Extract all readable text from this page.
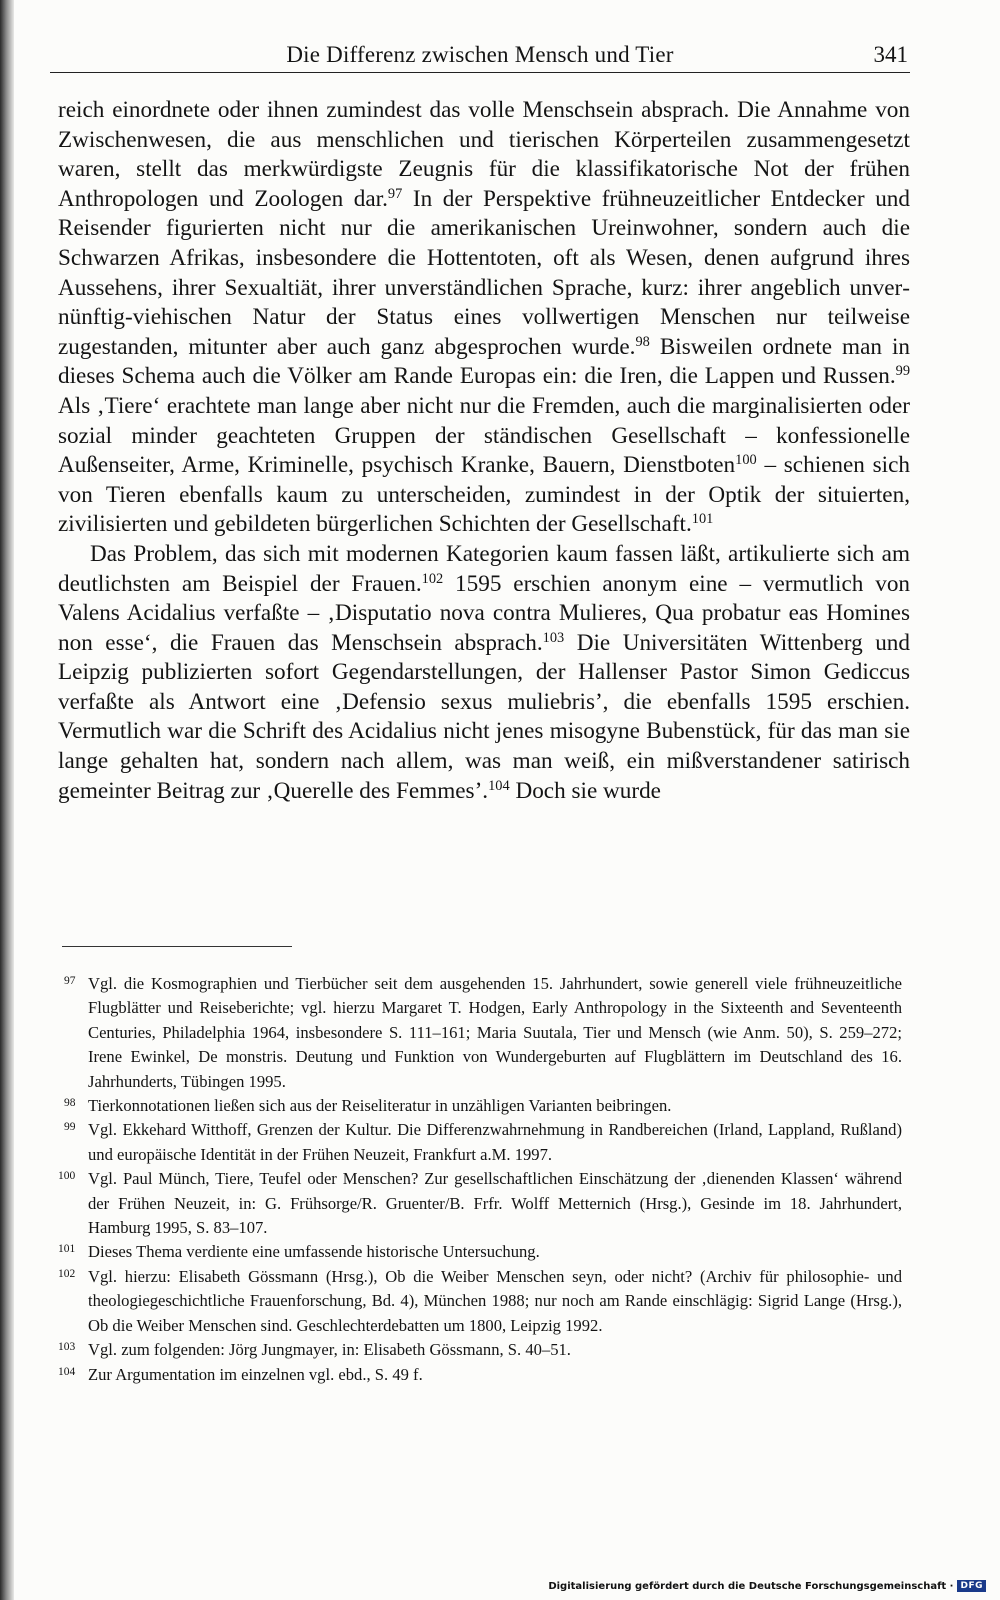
Die Differenz zwischen Mensch und Tier	341

reich einordnete oder ihnen zumindest das volle Menschsein absprach. Die Annahme von Zwischenwesen, die aus menschlichen und tierischen Körperteilen zusammengesetzt waren, stellt das merkwürdigste Zeugnis für die klassifikatorische Not der frühen Anthropologen und Zoologen dar.$^{97}$ In der Perspektive frühneuzeitlicher Entdecker und Reisender figurierten nicht nur die amerikanischen Ureinwohner, sondern auch die Schwarzen Afrikas, insbesondere die Hottentoten, oft als Wesen, denen aufgrund ihres Aussehens, ihrer Sexualtiät, ihrer unverständlichen Sprache, kurz: ihrer angeblich unvernünftig-viehischen Natur der Status eines vollwertigen Menschen nur teilweise zugestanden, mitunter aber auch ganz abgesprochen wurde.$^{98}$ Bisweilen ordnete man in dieses Schema auch die Völker am Rande Europas ein: die Iren, die Lappen und Russen.$^{99}$ Als ‚Tiere‘ erachtete man lange aber nicht nur die Fremden, auch die marginalisierten oder sozial minder geachteten Gruppen der ständischen Gesellschaft – konfessionelle Außenseiter, Arme, Kriminelle, psychisch Kranke, Bauern, Dienstboten$^{100}$ – schienen sich von Tieren ebenfalls kaum zu unterscheiden, zumindest in der Optik der situierten, zivilisierten und gebildeten bürgerlichen Schichten der Gesellschaft.$^{101}$

Das Problem, das sich mit modernen Kategorien kaum fassen läßt, artikulierte sich am deutlichsten am Beispiel der Frauen.$^{102}$ 1595 erschien anonym eine – vermutlich von Valens Acidalius verfaßte – ‚Disputatio nova contra Mulieres, Qua probatur eas Homines non esse‘, die Frauen das Menschsein absprach.$^{103}$ Die Universitäten Wittenberg und Leipzig publizierten sofort Gegendarstellungen, der Hallenser Pastor Simon Gediccus verfaßte als Antwort eine ‚Defensio sexus muliebris’, die ebenfalls 1595 erschien. Vermutlich war die Schrift des Acidalius nicht jenes misogyne Bubenstück, für das man sie lange gehalten hat, sondern nach allem, was man weiß, ein mißverstandener satirisch gemeinter Beitrag zur ‚Querelle des Femmes’.$^{104}$ Doch sie wurde

97 Vgl. die Kosmographien und Tierbücher seit dem ausgehenden 15. Jahrhundert, sowie generell viele frühneuzeitliche Flugblätter und Reiseberichte; vgl. hierzu Margaret T. Hodgen, Early Anthropology in the Sixteenth and Seventeenth Centuries, Philadelphia 1964, insbesondere S. 111–161; Maria Suutala, Tier und Mensch (wie Anm. 50), S. 259–272; Irene Ewinkel, De monstris. Deutung und Funktion von Wundergeburten auf Flugblättern im Deutschland des 16. Jahrhunderts, Tübingen 1995.
98 Tierkonnotationen ließen sich aus der Reiseliteratur in unzähligen Varianten beibringen.
99 Vgl. Ekkehard Witthoff, Grenzen der Kultur. Die Differenzwahrnehmung in Randbereichen (Irland, Lappland, Rußland) und europäische Identität in der Frühen Neuzeit, Frankfurt a.M. 1997.
100 Vgl. Paul Münch, Tiere, Teufel oder Menschen? Zur gesellschaftlichen Einschätzung der ‚dienenden Klassen‘ während der Frühen Neuzeit, in: G. Frühsorge/R. Gruenter/B. Frfr. Wolff Metternich (Hrsg.), Gesinde im 18. Jahrhundert, Hamburg 1995, S. 83–107.
101 Dieses Thema verdiente eine umfassende historische Untersuchung.
102 Vgl. hierzu: Elisabeth Gössmann (Hrsg.), Ob die Weiber Menschen seyn, oder nicht? (Archiv für philosophie- und theologiegeschichtliche Frauenforschung, Bd. 4), München 1988; nur noch am Rande einschlägig: Sigrid Lange (Hrsg.), Ob die Weiber Menschen sind. Geschlechterdebatten um 1800, Leipzig 1992.
103 Vgl. zum folgenden: Jörg Jungmayer, in: Elisabeth Gössmann, S. 40–51.
104 Zur Argumentation im einzelnen vgl. ebd., S. 49 f.
Digitalisierung gefördert durch die Deutsche Forschungsgemeinschaft · DFG
